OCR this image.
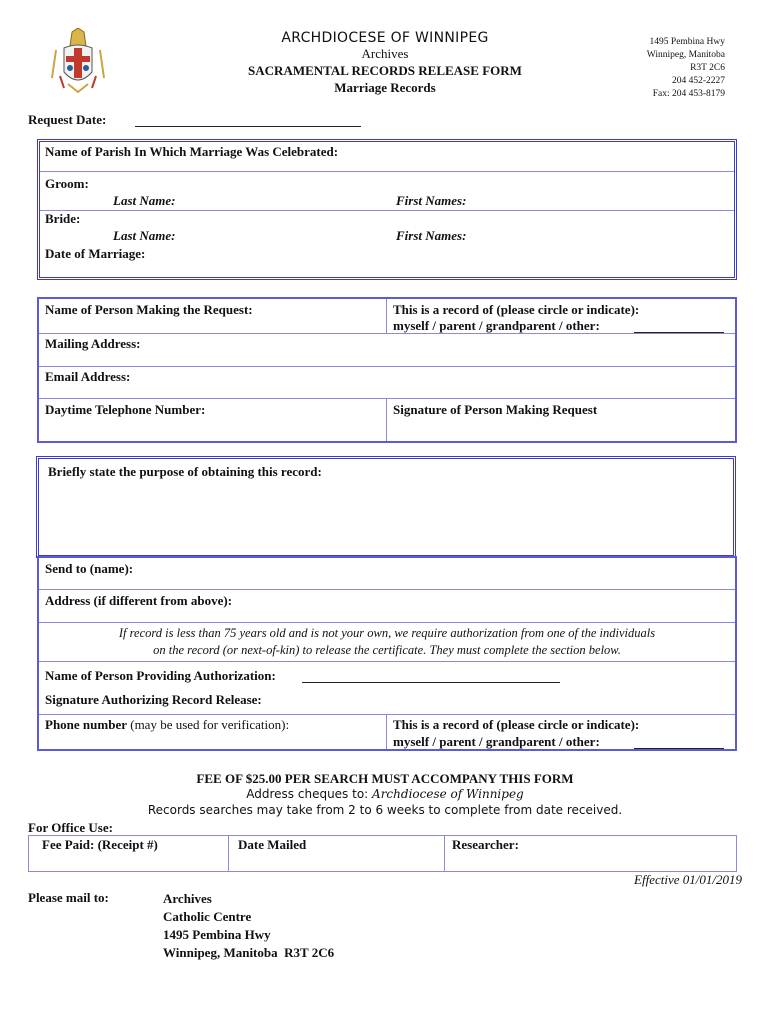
ARCHDIOCESE OF WINNIPEG
Archives
SACRAMENTAL RECORDS RELEASE FORM
Marriage Records
1495 Pembina Hwy
Winnipeg, Manitoba
R3T 2C6
204 452-2227
Fax: 204 453-8179
Request Date:
Name of Parish In Which Marriage Was Celebrated:
Groom:
Last Name:	First Names:
Bride:
Last Name:	First Names:
Date of Marriage:
Name of Person Making the Request:	This is a record of (please circle or indicate):
myself / parent / grandparent / other:
Mailing Address:
Email Address:
Daytime Telephone Number:	Signature of Person Making Request
Briefly state the purpose of obtaining this record:
Send to (name):
Address (if different from above):
If record is less than 75 years old and is not your own, we require authorization from one of the individuals
on the record (or next-of-kin) to release the certificate. They must complete the section below.
Name of Person Providing Authorization:
Signature Authorizing Record Release:
Phone number (may be used for verification):	This is a record of (please circle or indicate):
myself / parent / grandparent / other:
FEE OF $25.00 PER SEARCH MUST ACCOMPANY THIS FORM
Address cheques to: Archdiocese of Winnipeg
Records searches may take from 2 to 6 weeks to complete from date received.
For Office Use:
Fee Paid: (Receipt #)	Date Mailed	Researcher:
Effective 01/01/2019
Please mail to:	Archives
Catholic Centre
1495 Pembina Hwy
Winnipeg, Manitoba  R3T 2C6
